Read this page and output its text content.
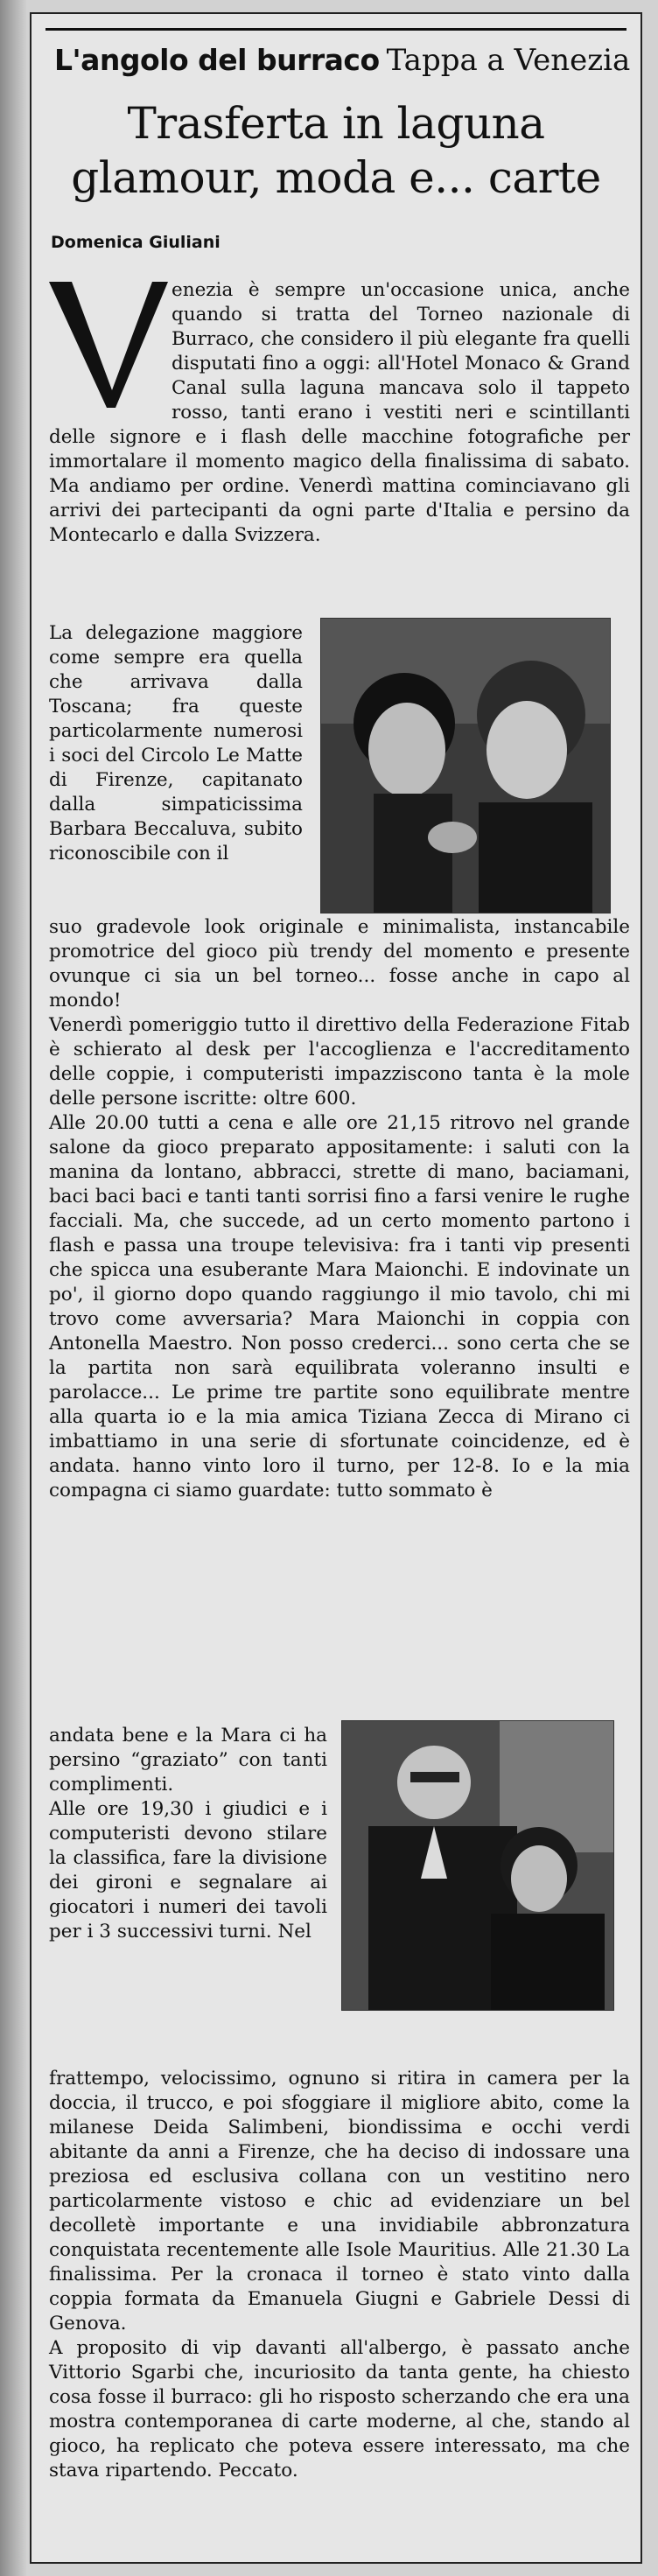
L'angolo del burraco Tappa a Venezia
Trasferta in laguna
glamour, moda e... carte
Domenica Giuliani

enezia è sempre un'occasione unica, anche quando si tratta del Torneo nazionale di Burraco, che considero il più elegante fra quelli disputati fino a oggi: all'Hotel Monaco & Grand Canal sulla laguna mancava solo il tappeto rosso, tanti erano i vestiti neri e scintillanti delle signore e i flash delle macchine fotografiche per immortalare il momento magico della finalissima di sabato. Ma andiamo per ordine. Venerdì mattina cominciavano gli arrivi dei partecipanti da ogni parte d'Italia e persino da Montecarlo e dalla Svizzera.

La delegazione maggiore come sempre era quella che arrivava dalla Toscana; fra queste particolarmente numerosi i soci del Circolo Le Matte di Firenze, capitanato dalla simpaticissima Barbara Beccaluva, subito riconoscibile con il

suo gradevole look originale e minimalista, instancabile promotrice del gioco più trendy del momento e presente ovunque ci sia un bel torneo... fosse anche in capo al mondo!

Venerdì pomeriggio tutto il direttivo della Federazione Fitab è schierato al desk per l'accoglienza e l'accreditamento delle coppie, i computeristi impazziscono tanta è la mole delle persone iscritte: oltre 600.

Alle 20.00 tutti a cena e alle ore 21,15 ritrovo nel grande salone da gioco preparato appositamente: i saluti con la manina da lontano, abbracci, strette di mano, baciamani, baci baci baci e tanti tanti sorrisi fino a farsi venire le rughe facciali. Ma, che succede, ad un certo momento partono i flash e passa una troupe televisiva: fra i tanti vip presenti che spicca una esuberante Mara Maionchi. E indovinate un po', il giorno dopo quando raggiungo il mio tavolo, chi mi trovo come avversaria? Mara Maionchi in coppia con Antonella Maestro. Non posso crederci... sono certa che se la partita non sarà equilibrata voleranno insulti e parolacce... Le prime tre partite sono equilibrate mentre alla quarta io e la mia amica Tiziana Zecca di Mirano ci imbattiamo in una serie di sfortunate coincidenze, ed è andata. hanno vinto loro il turno, per 12-8. Io e la mia compagna ci siamo guardate: tutto sommato è

andata bene e la Mara ci ha persino “graziato” con tanti complimenti.

Alle ore 19,30 i giudici e i computeristi devono stilare la classifica, fare la divisione dei gironi e segnalare ai giocatori i numeri dei tavoli per i 3 successivi turni. Nel

frattempo, velocissimo, ognuno si ritira in camera per la doccia, il trucco, e poi sfoggiare il migliore abito, come la milanese Deida Salimbeni, biondissima e occhi verdi abitante da anni a Firenze, che ha deciso di indossare una preziosa ed esclusiva collana con un vestitino nero particolarmente vistoso e chic ad evidenziare un bel decolletè importante e una invidiabile abbronzatura conquistata recentemente alle Isole Mauritius. Alle 21.30 La finalissima. Per la cronaca il torneo è stato vinto dalla coppia formata da Emanuela Giugni e Gabriele Dessi di Genova.

A proposito di vip davanti all'albergo, è passato anche Vittorio Sgarbi che, incuriosito da tanta gente, ha chiesto cosa fosse il burraco: gli ho risposto scherzando che era una mostra contemporanea di carte moderne, al che, stando al gioco, ha replicato che poteva essere interessato, ma che stava ripartendo. Peccato.
